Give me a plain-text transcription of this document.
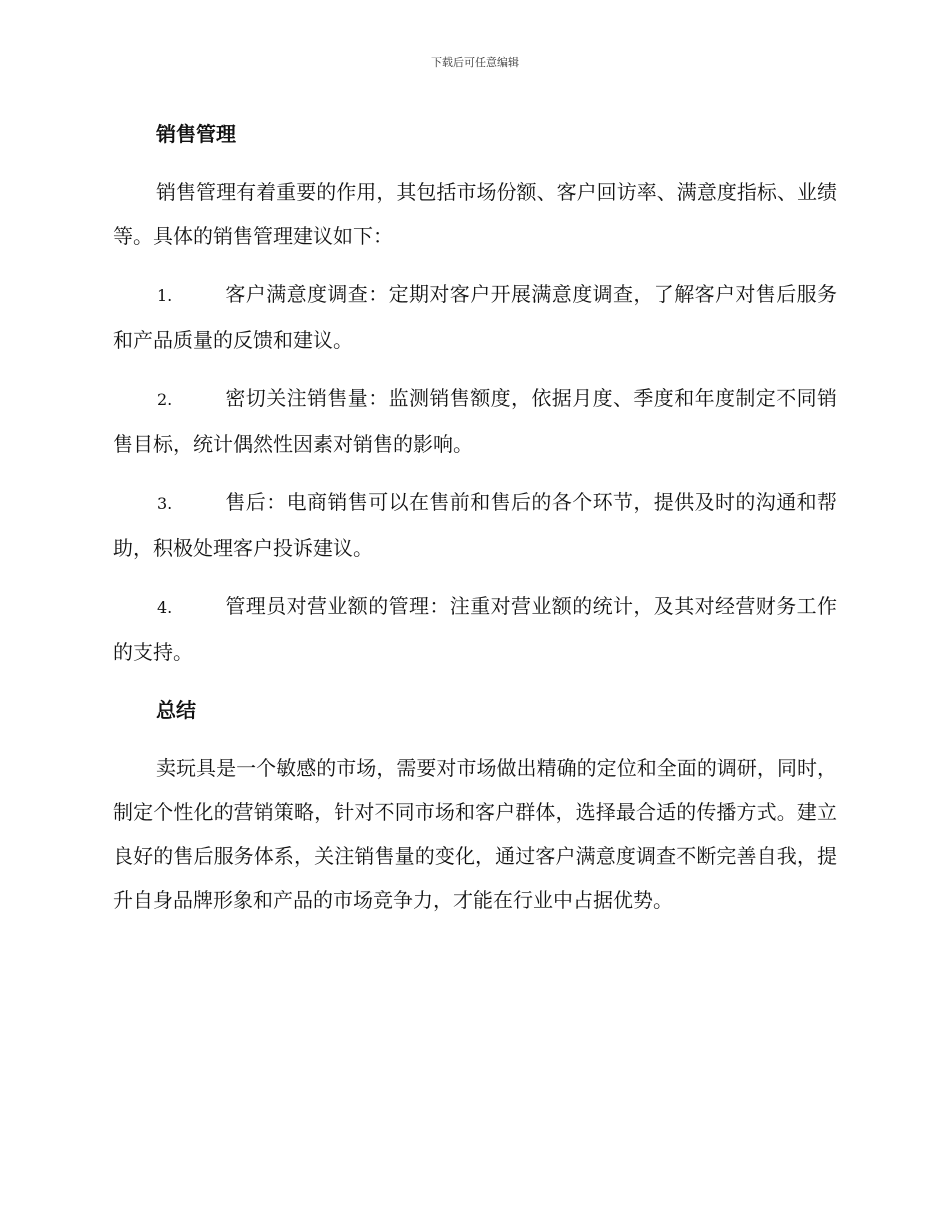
下载后可任意编辑
销售管理
销售管理有着重要的作用，其包括市场份额、客户回访率、满意度指标、业绩等。具体的销售管理建议如下：
1.	客户满意度调查：定期对客户开展满意度调查，了解客户对售后服务和产品质量的反馈和建议。
2.	密切关注销售量：监测销售额度，依据月度、季度和年度制定不同销售目标，统计偶然性因素对销售的影响。
3.	售后：电商销售可以在售前和售后的各个环节，提供及时的沟通和帮助，积极处理客户投诉建议。
4.	管理员对营业额的管理：注重对营业额的统计，及其对经营财务工作的支持。
总结
卖玩具是一个敏感的市场，需要对市场做出精确的定位和全面的调研，同时，制定个性化的营销策略，针对不同市场和客户群体，选择最合适的传播方式。建立良好的售后服务体系，关注销售量的变化，通过客户满意度调查不断完善自我，提升自身品牌形象和产品的市场竞争力，才能在行业中占据优势。
